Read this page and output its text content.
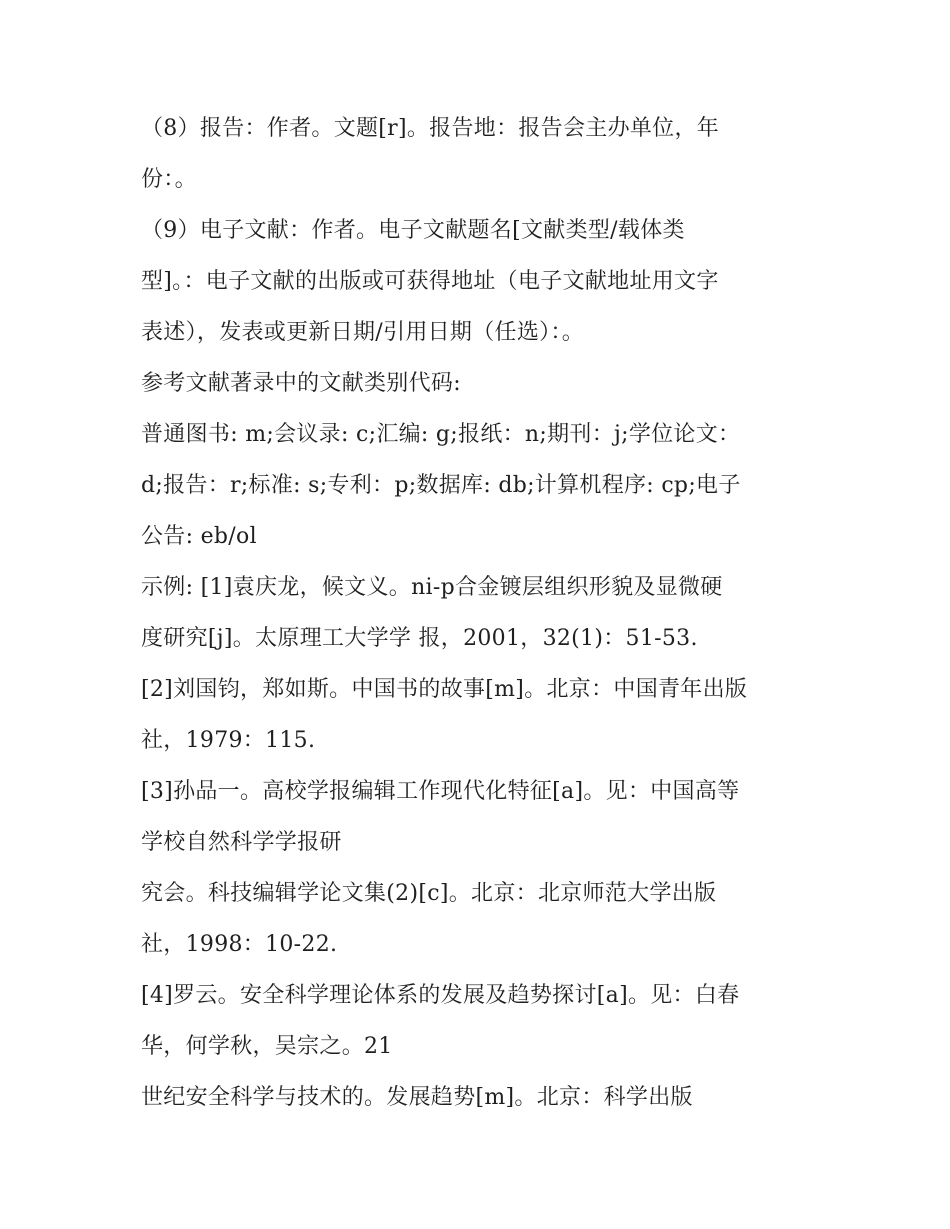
（8）报告：作者。文题[r]。报告地：报告会主办单位，年
份：。
（9）电子文献：作者。电子文献题名[文献类型/载体类
型]。：电子文献的出版或可获得地址（电子文献地址用文字
表述），发表或更新日期/引用日期（任选）：。
参考文献著录中的文献类别代码:
普通图书: m;会议录: c;汇编: g;报纸：n;期刊：j;学位论文：
d;报告：r;标准: s;专利：p;数据库: db;计算机程序: cp;电子
公告: eb/ol
示例: [1]袁庆龙，候文义。ni-p合金镀层组织形貌及显微硬
度研究[j]。太原理工大学学 报，2001，32(1)：51-53.
[2]刘国钧，郑如斯。中国书的故事[m]。北京：中国青年出版
社，1979：115.
[3]孙品一。高校学报编辑工作现代化特征[a]。见：中国高等
学校自然科学学报研
究会。科技编辑学论文集(2)[c]。北京：北京师范大学出版
社，1998：10-22.
[4]罗云。安全科学理论体系的发展及趋势探讨[a]。见：白春
华，何学秋，吴宗之。21
世纪安全科学与技术的。发展趋势[m]。北京：科学出版
